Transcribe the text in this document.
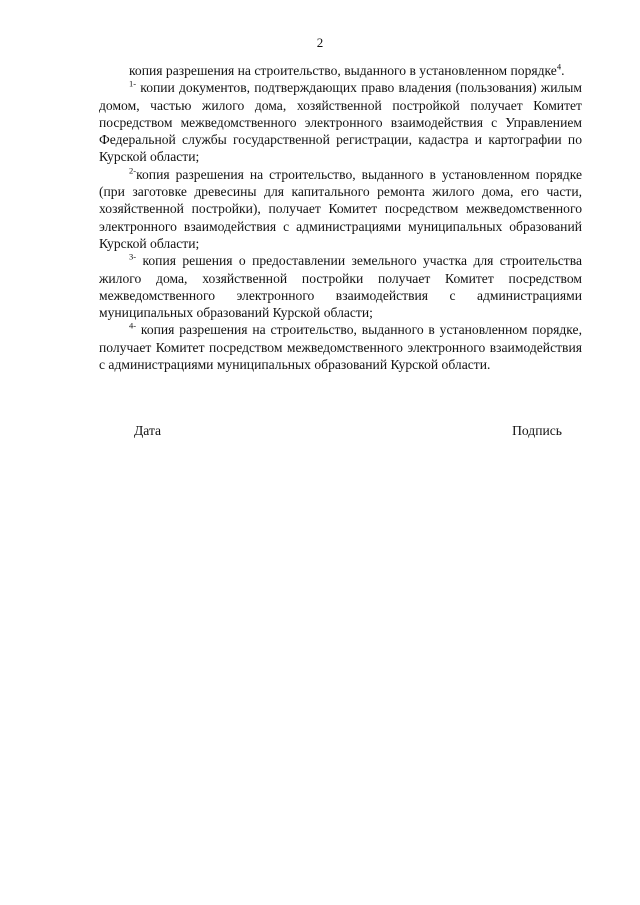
2

копия разрешения на строительство, выданного в установленном порядке$^4$.

$^{1-}$ копии документов, подтверждающих право владения (пользования) жилым домом, частью жилого дома, хозяйственной постройкой получает Комитет посредством межведомственного электронного взаимодействия с Управлением Федеральной службы государственной регистрации, кадастра и картографии по Курской области;

$^{2-}$копия разрешения на строительство, выданного в установленном порядке (при заготовке древесины для капитального ремонта жилого дома, его части, хозяйственной постройки), получает Комитет посредством межведомственного электронного взаимодействия с администрациями муниципальных образований Курской области;

$^{3-}$ копия решения о предоставлении земельного участка для строительства жилого дома, хозяйственной постройки получает Комитет посредством межведомственного электронного взаимодействия с администрациями муниципальных образований Курской области;

$^{4-}$ копия разрешения на строительство, выданного в установленном порядке, получает Комитет посредством межведомственного электронного взаимодействия с администрациями муниципальных образований Курской области.

Дата	Подпись
